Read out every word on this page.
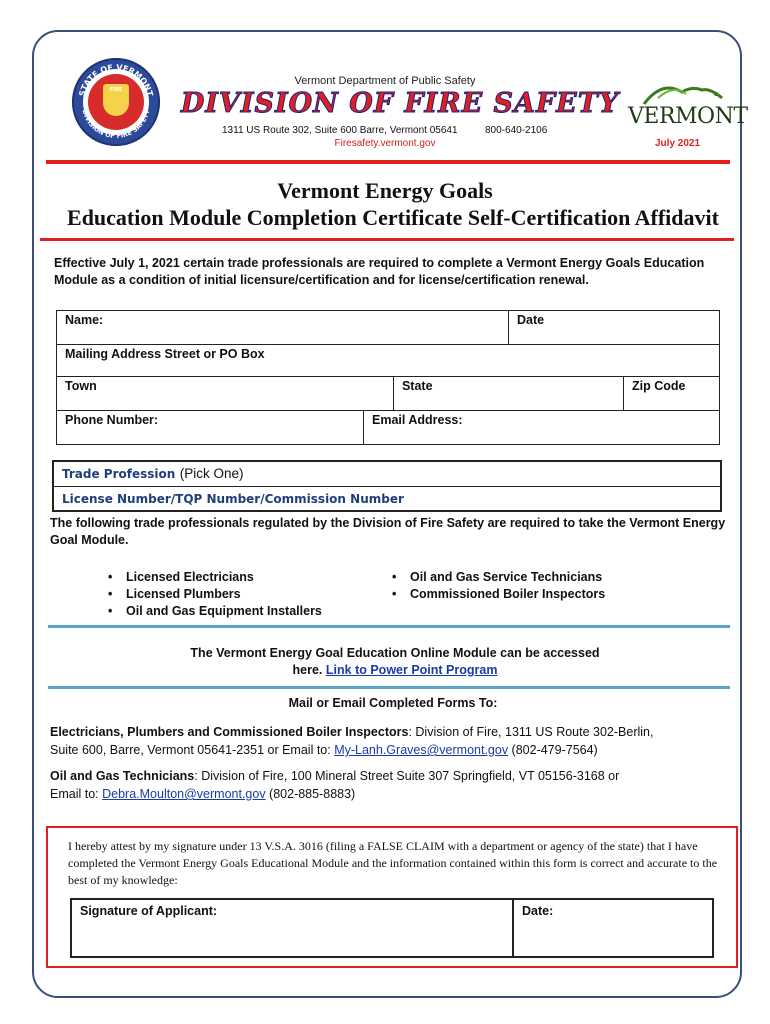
STATE OF VERMONT
DIVISION OF FIRE SAFETY
FIRE
Vermont Department of Public Safety
DIVISION OF FIRE SAFETY
1311 US Route 302, Suite 600 Barre, Vermont 05641	800-640-2106
Firesafety.vermont.gov
VERMONT
July 2021
Vermont Energy Goals
Education Module Completion Certificate Self-Certification Affidavit
Effective July 1, 2021 certain trade professionals are required to complete a Vermont Energy Goals Education Module as a condition of initial licensure/certification and for license/certification renewal.
Name:			Date	
Mailing Address Street or PO Box				
Town		State		Zip Code
Phone Number:	Email Address:			
Trade Profession (Pick One)
License Number/TQP Number/Commission Number
The following trade professionals regulated by the Division of Fire Safety are required to take the Vermont Energy Goal Module.
• Licensed Electricians
• Licensed Plumbers
• Oil and Gas Equipment Installers
• Oil and Gas Service Technicians
• Commissioned Boiler Inspectors
The Vermont Energy Goal Education Online Module can be accessed
here. Link to Power Point Program
Mail or Email Completed Forms To:
Electricians, Plumbers and Commissioned Boiler Inspectors: Division of Fire, 1311 US Route 302-Berlin,
Suite 600, Barre, Vermont 05641-2351 or Email to: My-Lanh.Graves@vermont.gov (802-479-7564)
Oil and Gas Technicians: Division of Fire, 100 Mineral Street Suite 307 Springfield, VT 05156-3168 or
Email to: Debra.Moulton@vermont.gov (802-885-8883)
I hereby attest by my signature under 13 V.S.A. 3016 (filing a FALSE CLAIM with a department or agency of the state) that I have completed the Vermont Energy Goals Educational Module and the information contained within this form is correct and accurate to the best of my knowledge:
Signature of Applicant:	Date:
